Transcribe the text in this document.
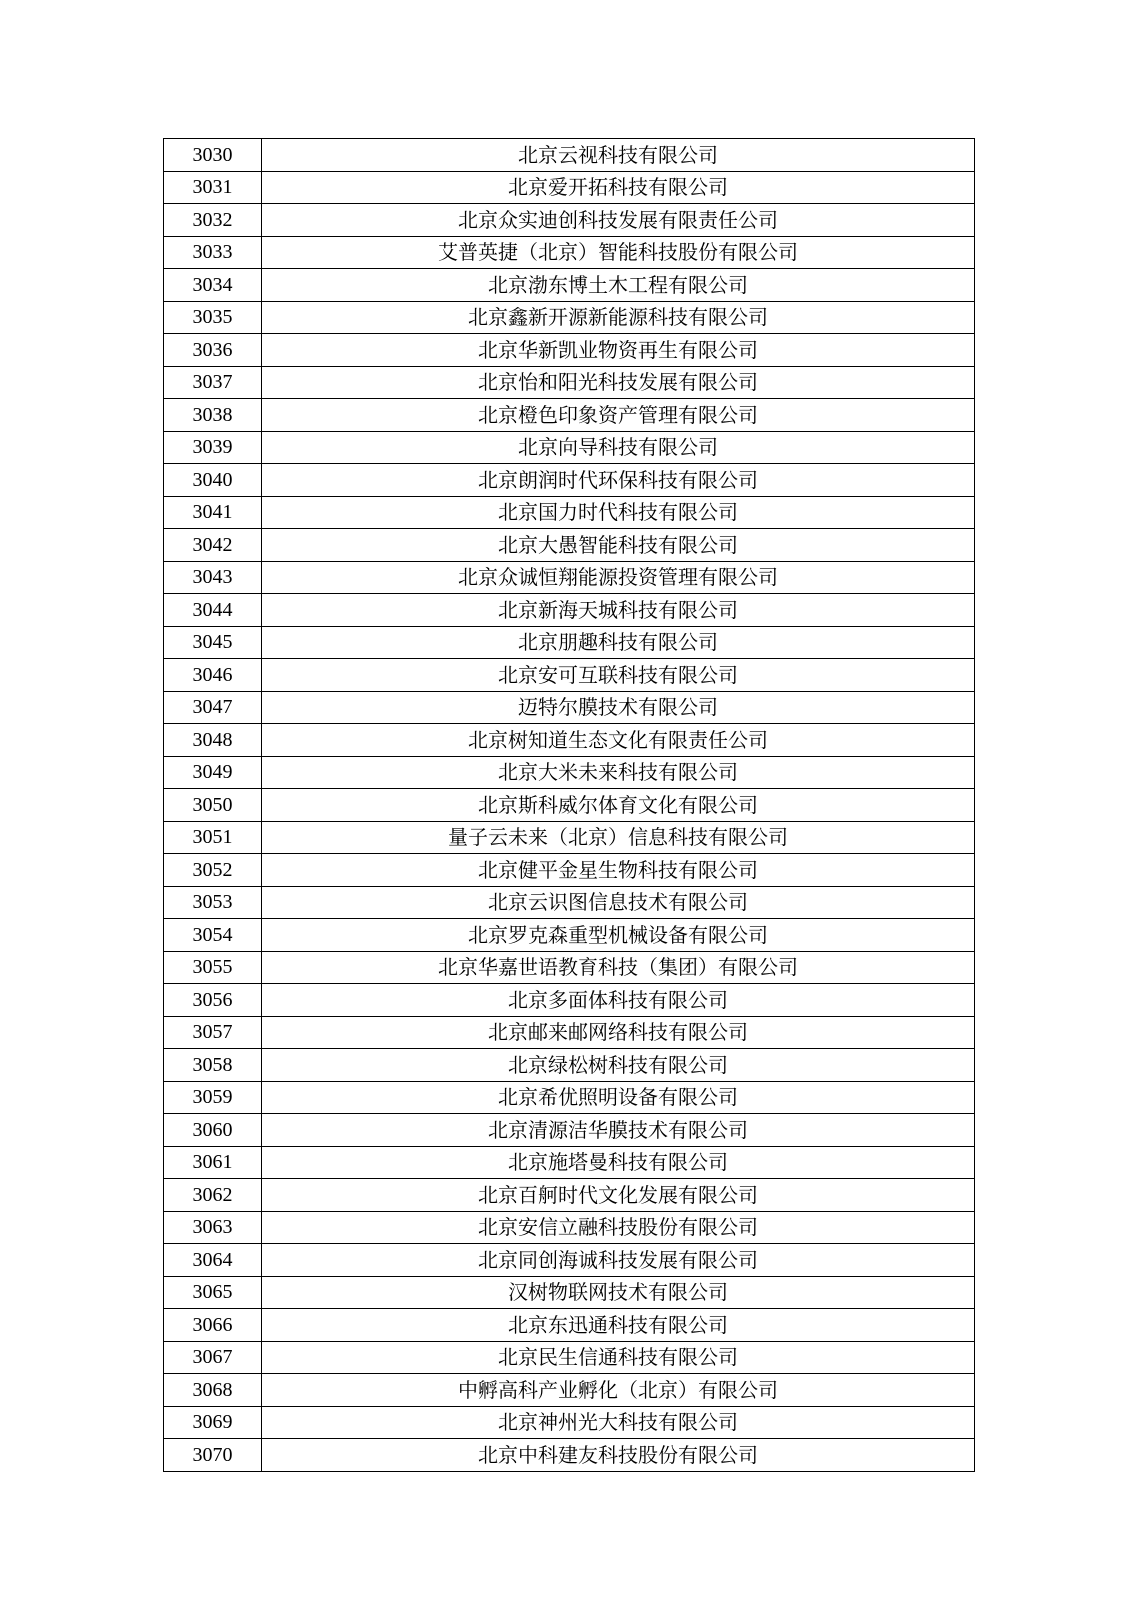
3030	北京云视科技有限公司
3031	北京爱开拓科技有限公司
3032	北京众实迪创科技发展有限责任公司
3033	艾普英捷（北京）智能科技股份有限公司
3034	北京渤东博土木工程有限公司
3035	北京鑫新开源新能源科技有限公司
3036	北京华新凯业物资再生有限公司
3037	北京怡和阳光科技发展有限公司
3038	北京橙色印象资产管理有限公司
3039	北京向导科技有限公司
3040	北京朗润时代环保科技有限公司
3041	北京国力时代科技有限公司
3042	北京大愚智能科技有限公司
3043	北京众诚恒翔能源投资管理有限公司
3044	北京新海天城科技有限公司
3045	北京朋趣科技有限公司
3046	北京安可互联科技有限公司
3047	迈特尔膜技术有限公司
3048	北京树知道生态文化有限责任公司
3049	北京大米未来科技有限公司
3050	北京斯科威尔体育文化有限公司
3051	量子云未来（北京）信息科技有限公司
3052	北京健平金星生物科技有限公司
3053	北京云识图信息技术有限公司
3054	北京罗克森重型机械设备有限公司
3055	北京华嘉世语教育科技（集团）有限公司
3056	北京多面体科技有限公司
3057	北京邮来邮网络科技有限公司
3058	北京绿松树科技有限公司
3059	北京希优照明设备有限公司
3060	北京清源洁华膜技术有限公司
3061	北京施塔曼科技有限公司
3062	北京百舸时代文化发展有限公司
3063	北京安信立融科技股份有限公司
3064	北京同创海诚科技发展有限公司
3065	汉树物联网技术有限公司
3066	北京东迅通科技有限公司
3067	北京民生信通科技有限公司
3068	中孵高科产业孵化（北京）有限公司
3069	北京神州光大科技有限公司
3070	北京中科建友科技股份有限公司
